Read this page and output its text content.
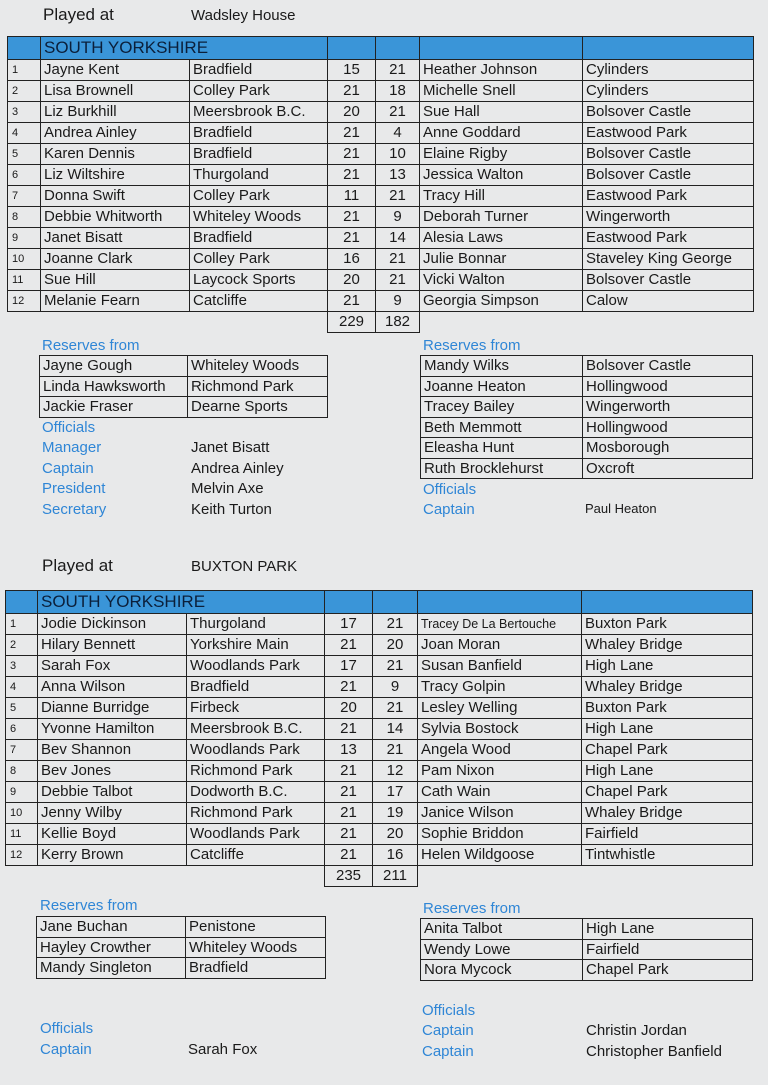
Played at	Wadsley House
	SOUTH YORKSHIRE					
1	Jayne Kent	Bradfield	15	21	Heather Johnson	Cylinders
2	Lisa Brownell	Colley Park	21	18	Michelle Snell	Cylinders
3	Liz Burkhill	Meersbrook B.C.	20	21	Sue Hall	Bolsover Castle
4	Andrea Ainley	Bradfield	21	4	Anne Goddard	Eastwood Park
5	Karen Dennis	Bradfield	21	10	Elaine Rigby	Bolsover Castle
6	Liz Wiltshire	Thurgoland	21	13	Jessica Walton	Bolsover Castle
7	Donna Swift	Colley Park	11	21	Tracy Hill	Eastwood Park
8	Debbie Whitworth	Whiteley Woods	21	9	Deborah Turner	Wingerworth
9	Janet Bisatt	Bradfield	21	14	Alesia Laws	Eastwood Park
10	Joanne Clark	Colley Park	16	21	Julie Bonnar	Staveley King George
11	Sue Hill	Laycock Sports	20	21	Vicki Walton	Bolsover Castle
12	Melanie Fearn	Catcliffe	21	9	Georgia Simpson	Calow
			229	182		
Reserves from
Jayne Gough	Whiteley Woods
Linda Hawksworth	Richmond Park
Jackie Fraser	Dearne Sports
Reserves from
Mandy Wilks	Bolsover Castle
Joanne Heaton	Hollingwood
Tracey Bailey	Wingerworth
Beth Memmott	Hollingwood
Eleasha Hunt	Mosborough
Ruth Brocklehurst	Oxcroft
Officials
Manager	Janet Bisatt
Captain	Andrea Ainley
President	Melvin Axe
Secretary	Keith Turton
Officials
Captain	Paul Heaton
Played at	BUXTON PARK
	SOUTH YORKSHIRE					
1	Jodie Dickinson	Thurgoland	17	21	Tracey De La Bertouche	Buxton Park
2	Hilary Bennett	Yorkshire Main	21	20	Joan Moran	Whaley Bridge
3	Sarah Fox	Woodlands Park	17	21	Susan Banfield	High Lane
4	Anna Wilson	Bradfield	21	9	Tracy Golpin	Whaley Bridge
5	Dianne Burridge	Firbeck	20	21	Lesley Welling	Buxton Park
6	Yvonne Hamilton	Meersbrook B.C.	21	14	Sylvia Bostock	High Lane
7	Bev Shannon	Woodlands Park	13	21	Angela Wood	Chapel Park
8	Bev Jones	Richmond Park	21	12	Pam Nixon	High Lane
9	Debbie Talbot	Dodworth B.C.	21	17	Cath Wain	Chapel Park
10	Jenny Wilby	Richmond Park	21	19	Janice Wilson	Whaley Bridge
11	Kellie Boyd	Woodlands Park	21	20	Sophie Briddon	Fairfield
12	Kerry Brown	Catcliffe	21	16	Helen Wildgoose	Tintwhistle
			235	211		
Reserves from
Jane Buchan	Penistone
Hayley Crowther	Whiteley Woods
Mandy Singleton	Bradfield
Reserves from
Anita Talbot	High Lane
Wendy Lowe	Fairfield
Nora Mycock	Chapel Park
Officials
Captain	Sarah Fox
Officials
Captain	Christin Jordan
Captain	Christopher Banfield
